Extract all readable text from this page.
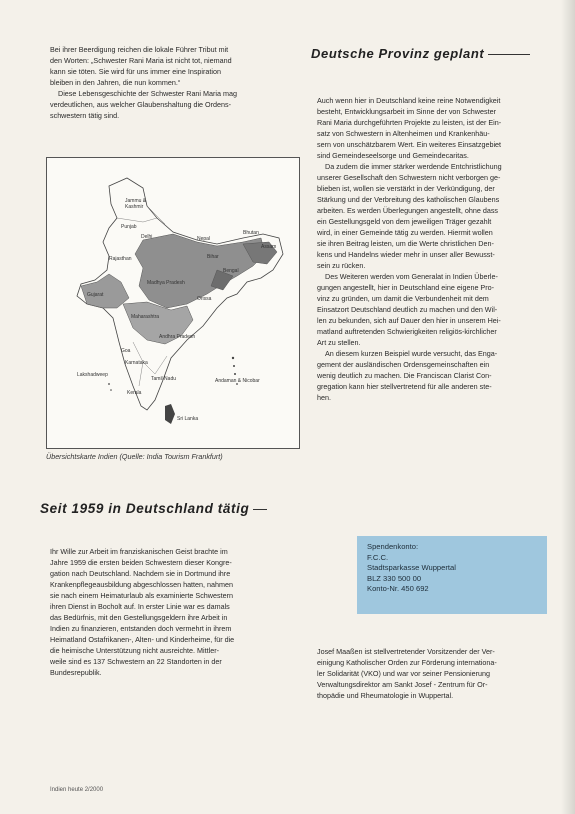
Bei ihrer Beerdigung reichen die lokale Führer Tribut mit
den Worten: „Schwester Rani Maria ist nicht tot, niemand
kann sie töten. Sie wird für uns immer eine Inspiration
bleiben in den Jahren, die nun kommen.“
Diese Lebensgeschichte der Schwester Rani Maria mag
verdeutlichen, aus welcher Glaubenshaltung die Ordens-
schwestern tätig sind.
Jammu &
Kashmir
Punjab
Delhi	Nepal
Bhutan
Assam
Rajasthan	Bihar
Bengal
Gujarat
Madhya Pradesh
Orissa
Maharashtra
Andhra Pradesh
Goa
Karnataka
Tamil Nadu
Kerala
Lakshadweep
Andaman & Nicobar
Sri Lanka
Übersichtskarte Indien (Quelle: India Tourism Frankfurt)
Deutsche Provinz geplant
Auch wenn hier in Deutschland keine reine Notwendigkeit
besteht, Entwicklungsarbeit im Sinne der von Schwester
Rani Maria durchgeführten Projekte zu leisten, ist der Ein-
satz von Schwestern in Altenheimen und Krankenhäu-
sern von unschätzbarem Wert. Ein weiteres Einsatzgebiet
sind Gemeindeseelsorge und Gemeindecaritas.
Da zudem die immer stärker werdende Entchristlichung
unserer Gesellschaft den Schwestern nicht verborgen ge-
blieben ist, wollen sie verstärkt in der Verkündigung, der
Stärkung und der Verbreitung des katholischen Glaubens
arbeiten. Es werden Überlegungen angestellt, ohne dass
ein Gestellungsgeld von dem jeweiligen Träger gezahlt
wird, in einer Gemeinde tätig zu werden. Hiermit wollen
sie ihren Beitrag leisten, um die Werte christlichen Den-
kens und Handelns wieder mehr in unser aller Bewusst-
sein zu rücken.
Des Weiteren werden vom Generalat in Indien Überle-
gungen angestellt, hier in Deutschland eine eigene Pro-
vinz zu gründen, um damit die Verbundenheit mit dem
Einsatzort Deutschland deutlich zu machen und den Wil-
len zu bekunden, sich auf Dauer den hier in unserem Hei-
matland auftretenden Schwierigkeiten religiös-kirchlicher
Art zu stellen.
An diesem kurzen Beispiel wurde versucht, das Enga-
gement der ausländischen Ordensgemeinschaften ein
wenig deutlich zu machen. Die Franciscan Clarist Con-
gregation kann hier stellvertretend für alle anderen ste-
hen.
Seit 1959 in Deutschland tätig
Ihr Wille zur Arbeit im franziskanischen Geist brachte im
Jahre 1959 die ersten beiden Schwestern dieser Kongre-
gation nach Deutschland. Nachdem sie in Dortmund ihre
Krankenpflegeausbildung abgeschlossen hatten, nahmen
sie nach einem Heimaturlaub als examinierte Schwestern
ihren Dienst in Bocholt auf. In erster Linie war es damals
das Bedürfnis, mit den Gestellungsgeldern ihre Arbeit in
Indien zu finanzieren, entstanden doch vermehrt in ihrem
Heimatland Ostafrikanen-, Alten- und Kinderheime, für die
die heimische Unterstützung nicht ausreichte. Mittler-
weile sind es 137 Schwestern an 22 Standorten in der
Bundesrepublik.
Spendenkonto:
F.C.C.
Stadtsparkasse Wuppertal
BLZ 330 500 00
Konto-Nr. 450 692
Josef Maaßen ist stellvertretender Vorsitzender der Ver-
einigung Katholischer Orden zur Förderung internationa-
ler Solidarität (VKO) und war vor seiner Pensionierung
Verwaltungsdirektor am Sankt Josef - Zentrum für Or-
thopädie und Rheumatologie in Wuppertal.
Indien heute 2/2000
